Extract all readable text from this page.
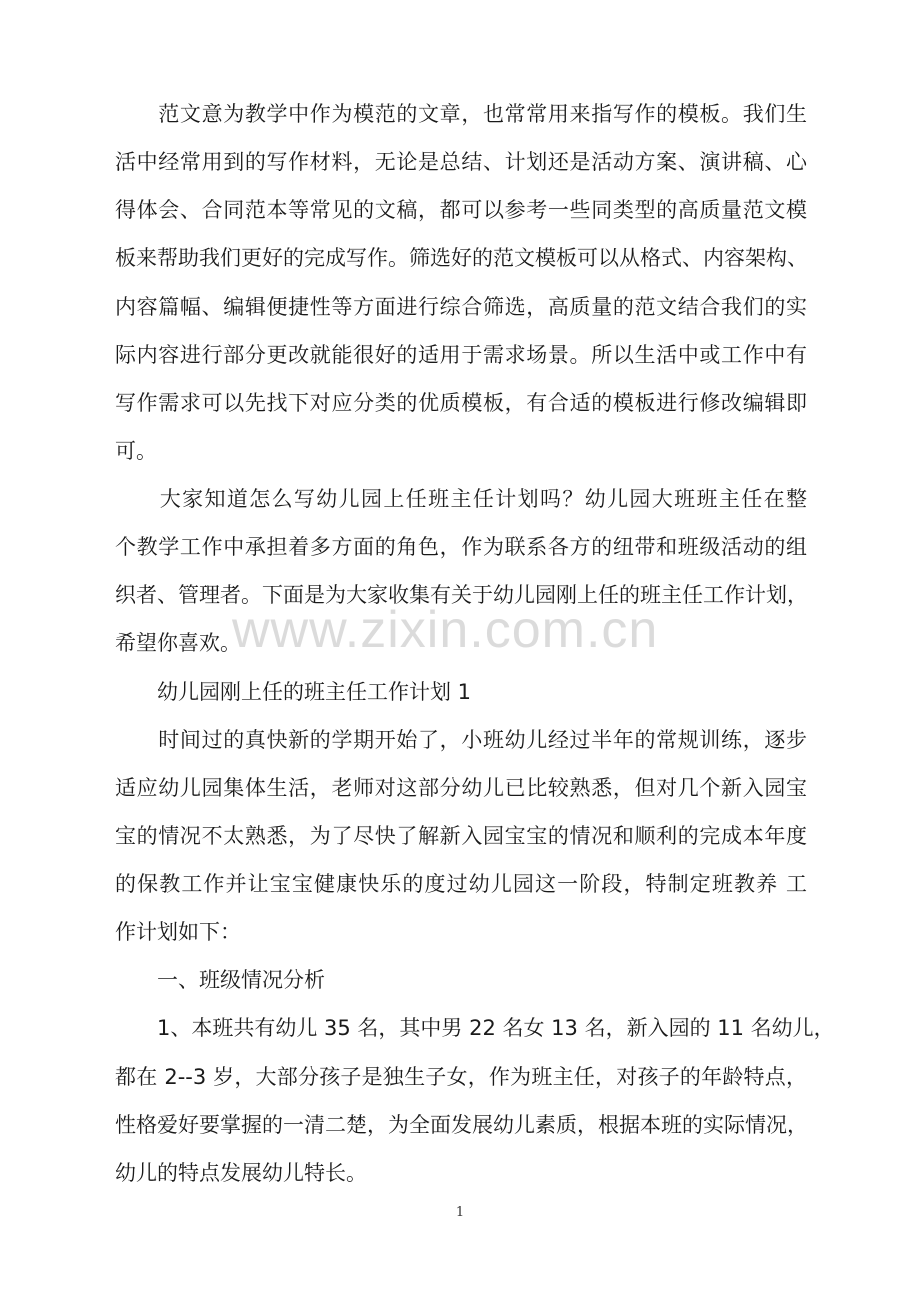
　　范文意为教学中作为模范的文章，也常常用来指写作的模板。我们生
活中经常用到的写作材料，无论是总结、计划还是活动方案、演讲稿、心
得体会、合同范本等常见的文稿，都可以参考一些同类型的高质量范文模
板来帮助我们更好的完成写作。筛选好的范文模板可以从格式、内容架构、
内容篇幅、编辑便捷性等方面进行综合筛选，高质量的范文结合我们的实
际内容进行部分更改就能很好的适用于需求场景。所以生活中或工作中有
写作需求可以先找下对应分类的优质模板，有合适的模板进行修改编辑即
可。
　　大家知道怎么写幼儿园上任班主任计划吗？幼儿园大班班主任在整
个教学工作中承担着多方面的角色，作为联系各方的纽带和班级活动的组
织者、管理者。下面是为大家收集有关于幼儿园刚上任的班主任工作计划，
希望你喜欢。
　　幼儿园刚上任的班主任工作计划 1
　　时间过的真快新的学期开始了，小班幼儿经过半年的常规训练，逐步
适应幼儿园集体生活，老师对这部分幼儿已比较熟悉，但对几个新入园宝
宝的情况不太熟悉，为了尽快了解新入园宝宝的情况和顺利的完成本年度
的保教工作并让宝宝健康快乐的度过幼儿园这一阶段，特制定班教养 工
作计划如下：
　　一、班级情况分析
　　1、本班共有幼儿 35 名，其中男 22 名女 13 名，新入园的 11 名幼儿，
都在 2--3 岁，大部分孩子是独生子女，作为班主任，对孩子的年龄特点，
性格爱好要掌握的一清二楚，为全面发展幼儿素质，根据本班的实际情况，
幼儿的特点发展幼儿特长。
www.zixin.com.cn
1
